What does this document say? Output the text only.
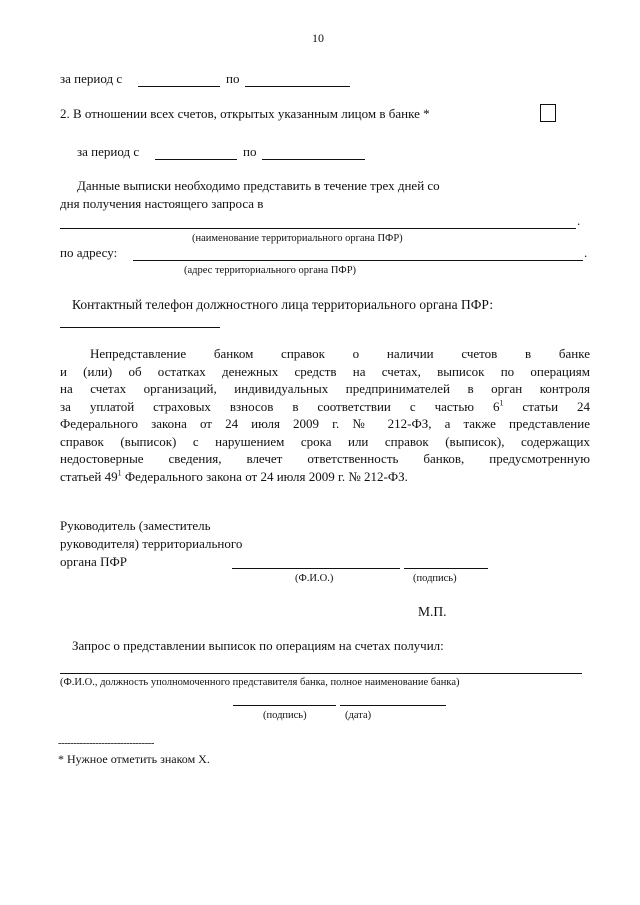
10
за период с	по
2. В отношении всех счетов, открытых указанным лицом в банке *
за период с	по
Данные выписки необходимо представить в течение трех дней со
дня получения настоящего запроса в
.
(наименование территориального органа ПФР)
по адресу:	.
(адрес территориального органа ПФР)
Контактный телефон должностного лица территориального органа ПФР:
Непредставление банком справок о наличии счетов в банке
и (или) об остатках денежных средств на счетах, выписок по операциям
на счетах организаций, индивидуальных предпринимателей в орган контроля
за уплатой страховых взносов в соответствии с частью $6^1$ статьи 24
Федерального закона от 24 июля 2009 г. № 212-ФЗ, а также представление
справок (выписок) с нарушением срока или справок (выписок), содержащих
недостоверные сведения, влечет ответственность банков, предусмотренную
статьей $49^1$ Федерального закона от 24 июля 2009 г. № 212-ФЗ.
Руководитель (заместитель
руководителя) территориального
органа ПФР
(Ф.И.О.)	(подпись)
М.П.
Запрос о представлении выписок по операциям на счетах получил:
(Ф.И.О., должность уполномоченного представителя банка, полное наименование банка)
(подпись)	(дата)
-------------------------------
* Нужное отметить знаком Х.
